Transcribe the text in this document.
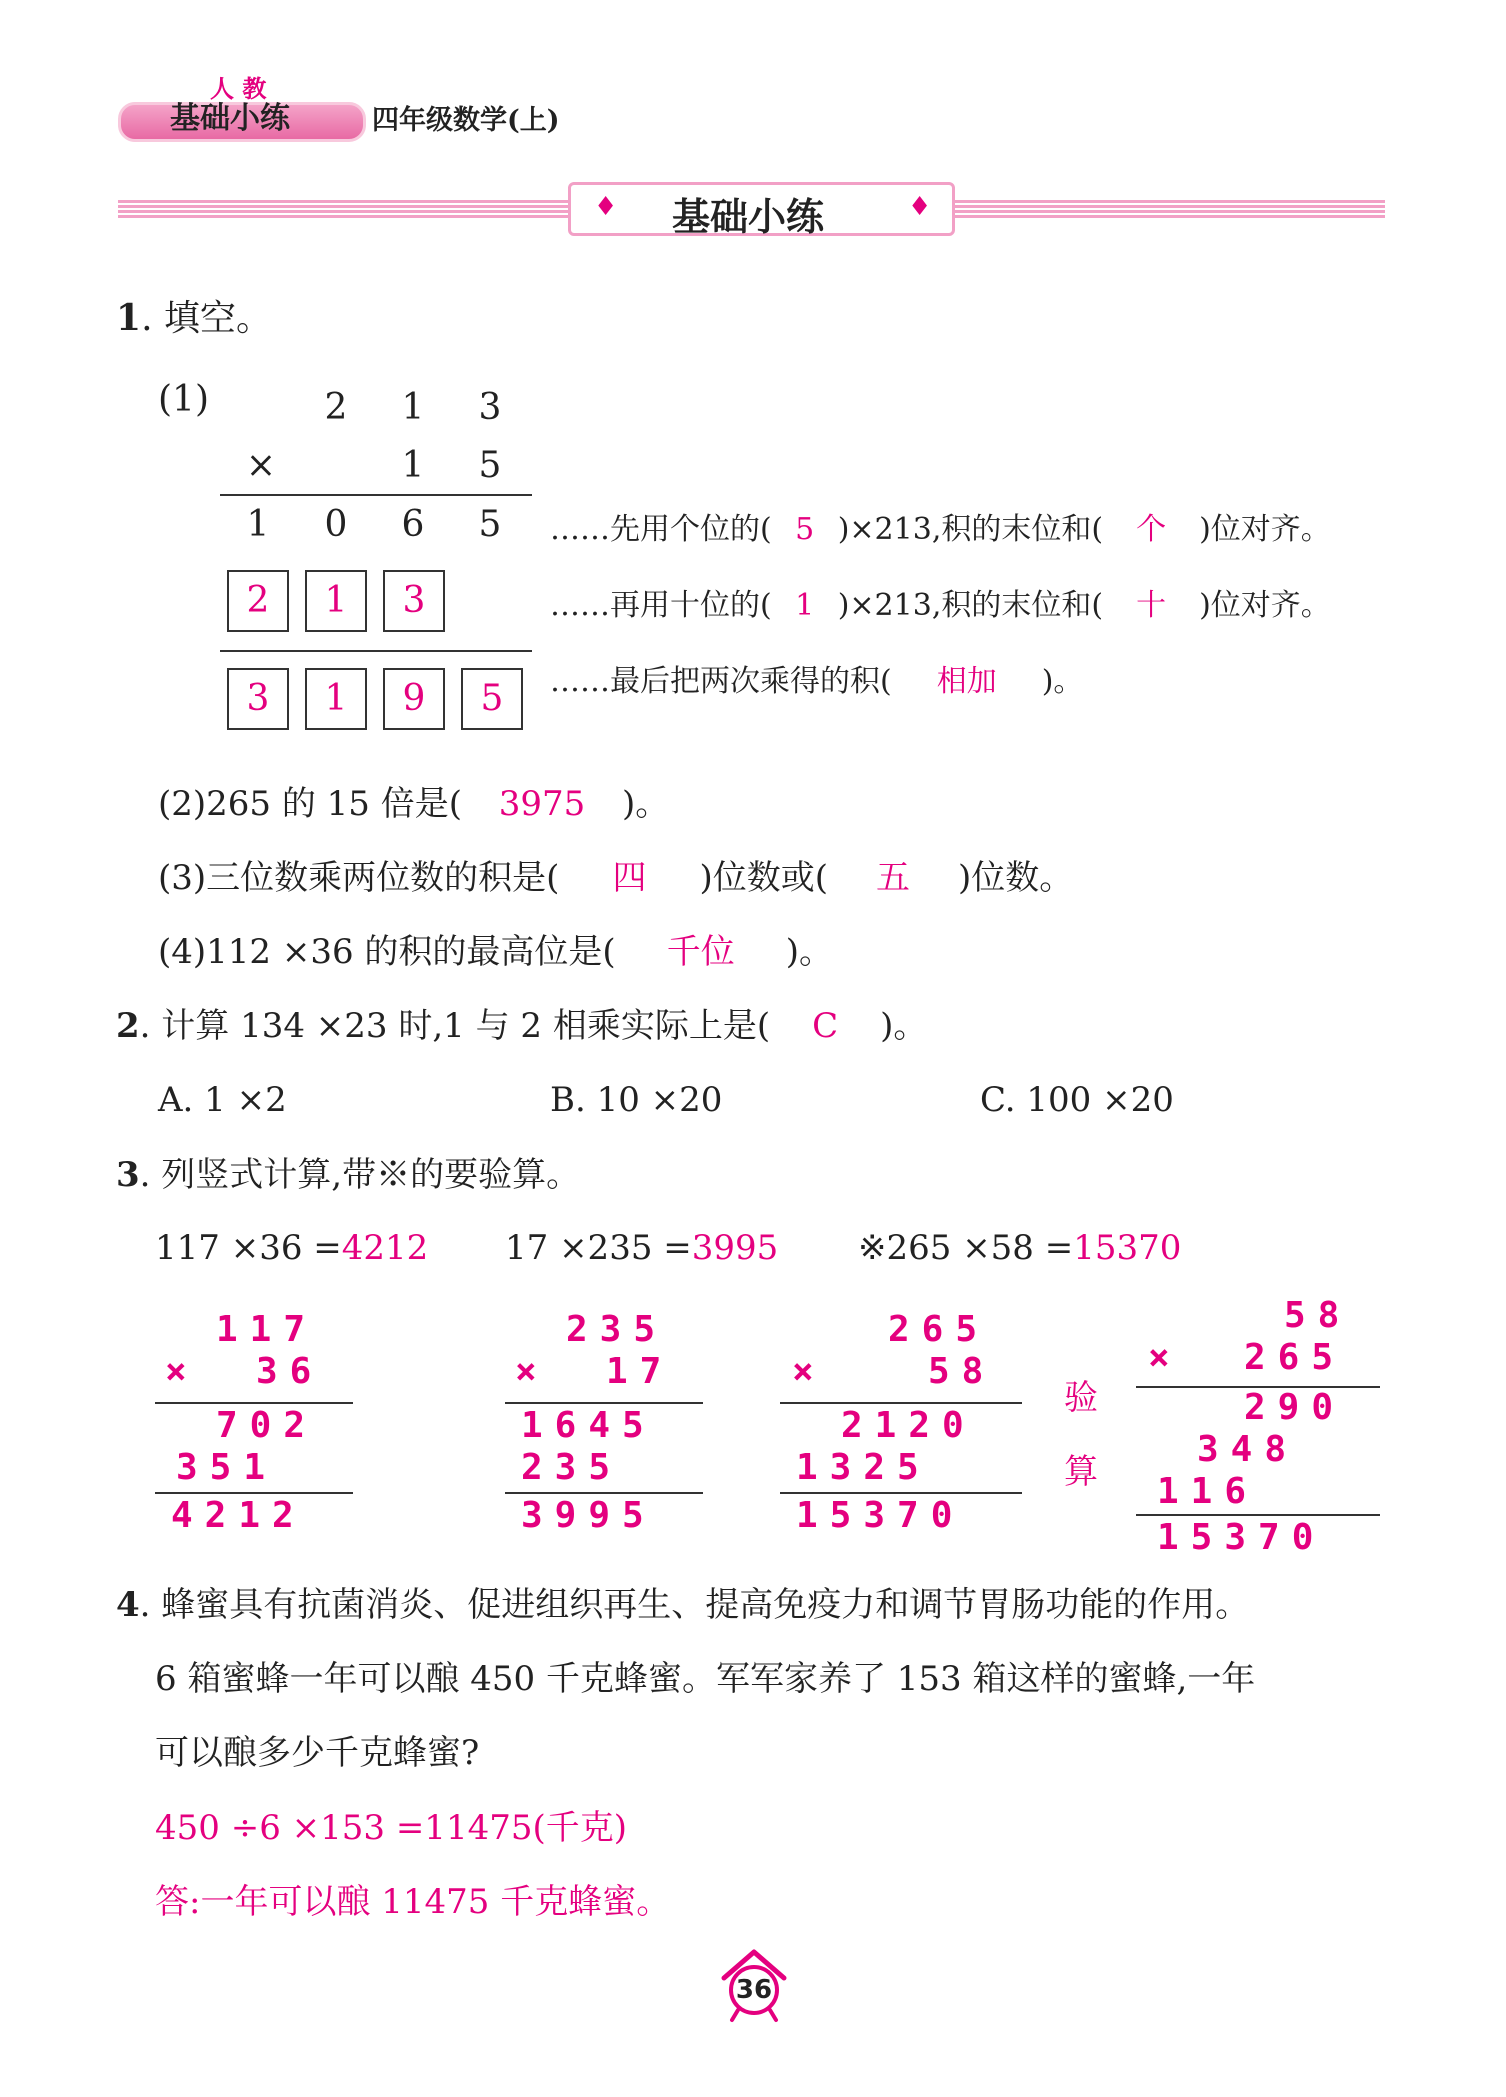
人 教
基础小练	四年级数学(上)
♦	♦
基础小练
1. 填空。
(1)	2 1 3
×	1 5
1 0 6 5
2	1	3
3	1	9	5
……先用个位的( 5 )×213,积的末位和( 个 )位对齐。
……再用十位的( 1 )×213,积的末位和( 十 )位对齐。
……最后把两次乘得的积( 相加 )。
(2)265 的 15 倍是( 3975 )。
(3)三位数乘两位数的积是( 四 )位数或( 五 )位数。
(4)112 ×36 的积的最高位是( 千位 )。
2. 计算 134 ×23 时,1 与 2 相乘实际上是( C )。
A. 1 ×2	B. 10 ×20	C. 100 ×20
3. 列竖式计算,带※的要验算。
117 ×36 =4212 17 ×235 =3995 ※265 ×58 =15370
117
× 36
702
351
4212
235
× 17
1645
235
3995
265
×	58
2120
1325
15370
验
算
58
× 265
290
348
116
15370
4. 蜂蜜具有抗菌消炎、促进组织再生、提高免疫力和调节胃肠功能的作用。
6 箱蜜蜂一年可以酿 450 千克蜂蜜。军军家养了 153 箱这样的蜜蜂,一年
可以酿多少千克蜂蜜?
450 ÷6 ×153 =11475(千克)
答:一年可以酿 11475 千克蜂蜜。
36
